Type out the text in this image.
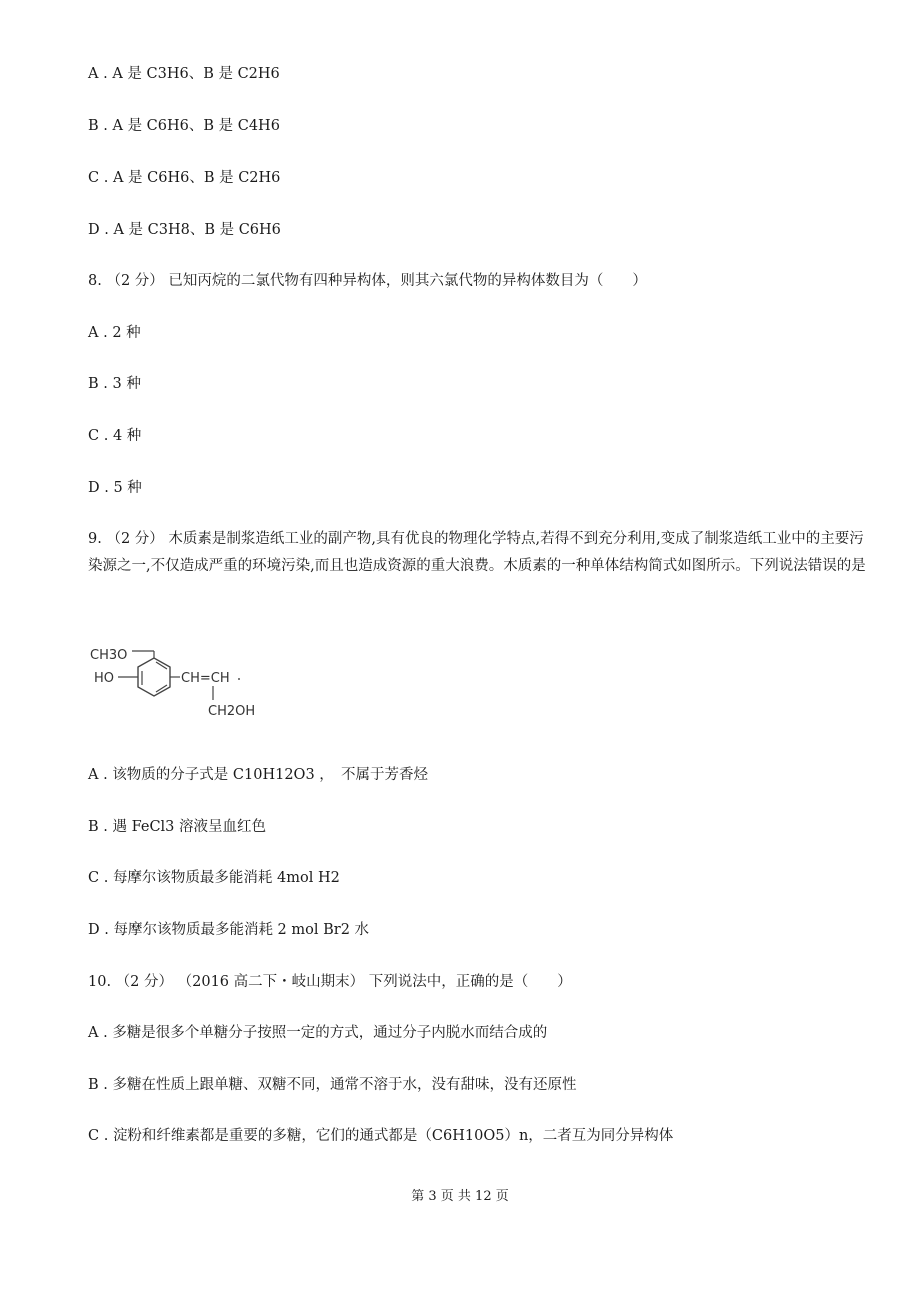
A . A 是 C3H6、B 是 C2H6
B . A 是 C6H6、B 是 C4H6
C . A 是 C6H6、B 是 C2H6
D . A 是 C3H8、B 是 C6H6
8. （2 分） 已知丙烷的二氯代物有四种异构体，则其六氯代物的异构体数目为（　　）
A . 2 种
B . 3 种
C . 4 种
D . 5 种
9. （2 分） 木质素是制浆造纸工业的副产物,具有优良的物理化学特点,若得不到充分利用,变成了制浆造纸工业中的主要污染源之一,不仅造成严重的环境污染,而且也造成资源的重大浪费。木质素的一种单体结构简式如图所示。下列说法错误的是
CH3O
HO	CH=CH
CH2OH
A . 该物质的分子式是 C10H12O3 ，　不属于芳香烃
B . 遇 FeCl3 溶液呈血红色
C . 每摩尔该物质最多能消耗 4mol H2
D . 每摩尔该物质最多能消耗 2 mol Br2 水
10. （2 分） （2016 高二下・岐山期末） 下列说法中，正确的是（　　）
A . 多糖是很多个单糖分子按照一定的方式，通过分子内脱水而结合成的
B . 多糖在性质上跟单糖、双糖不同，通常不溶于水，没有甜味，没有还原性
C . 淀粉和纤维素都是重要的多糖，它们的通式都是（C6H10O5）n，二者互为同分异构体
第 3 页 共 12 页
